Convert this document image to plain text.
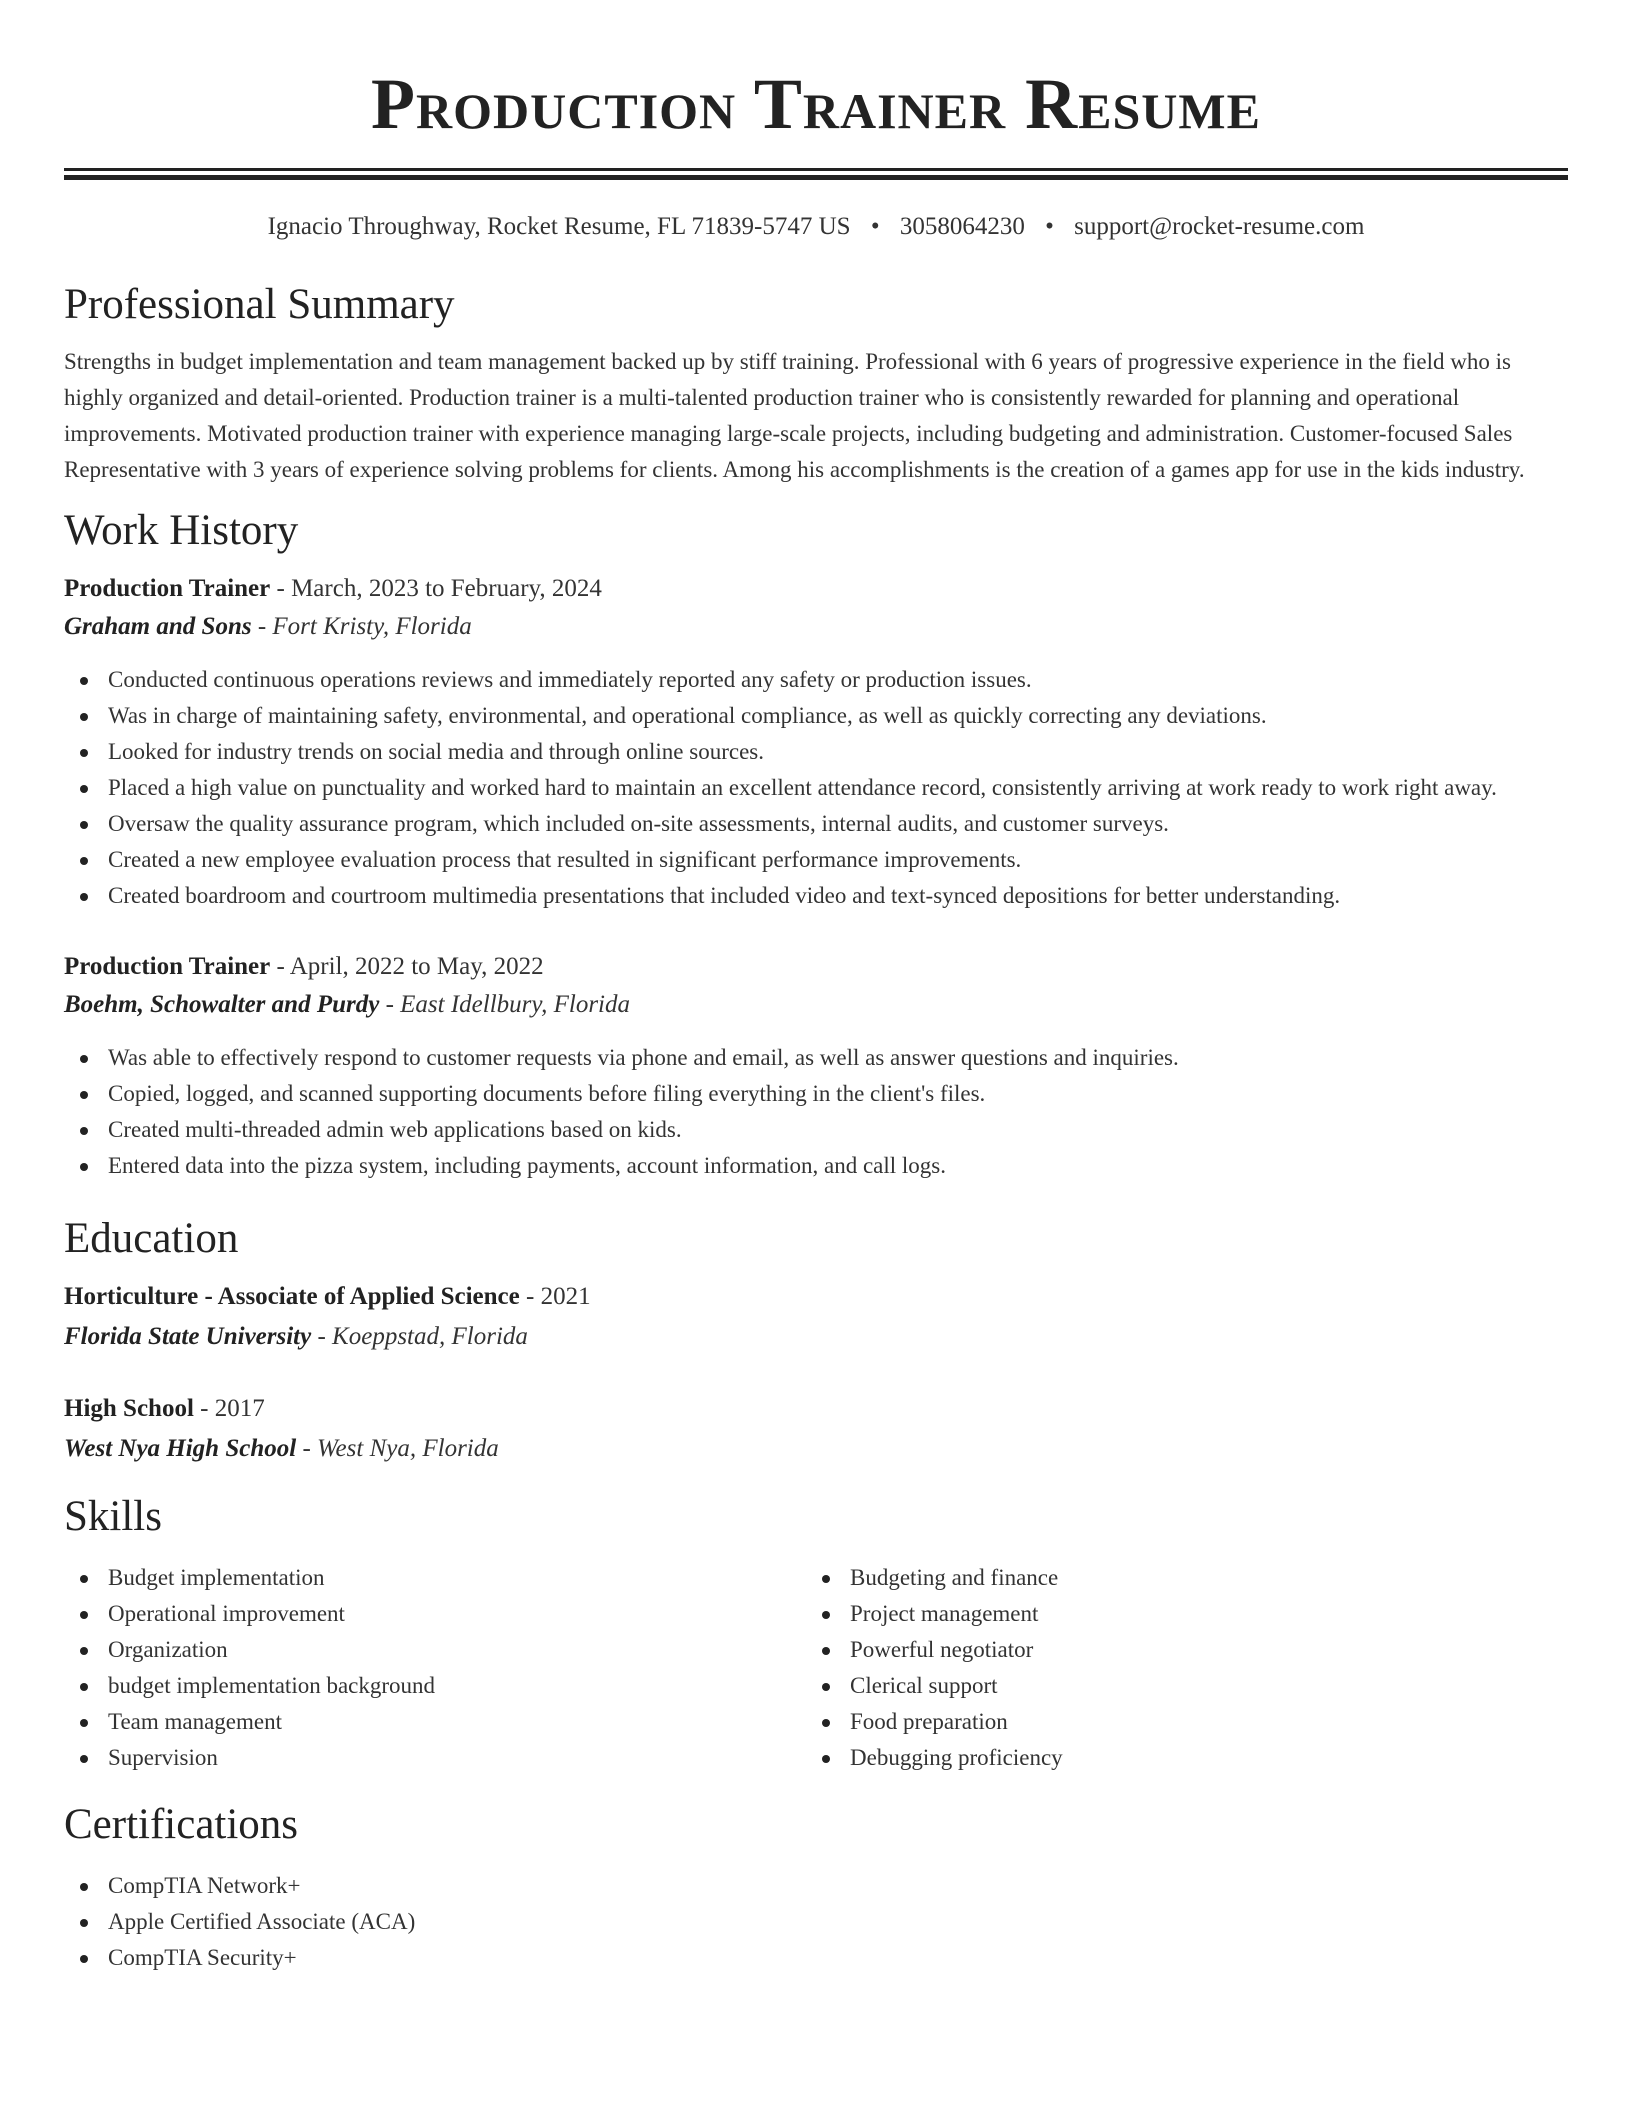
Production Trainer Resume
Ignacio Throughway, Rocket Resume, FL 71839-5747 US • 3058064230 • support@rocket-resume.com
Professional Summary

Strengths in budget implementation and team management backed up by stiff training. Professional with 6 years of progressive experience in the field who is highly organized and detail-oriented. Production trainer is a multi-talented production trainer who is consistently rewarded for planning and operational improvements. Motivated production trainer with experience managing large-scale projects, including budgeting and administration. Customer-focused Sales Representative with 3 years of experience solving problems for clients. Among his accomplishments is the creation of a games app for use in the kids industry.

Work History
Production Trainer - March, 2023 to February, 2024
Graham and Sons - Fort Kristy, Florida
Conducted continuous operations reviews and immediately reported any safety or production issues.
Was in charge of maintaining safety, environmental, and operational compliance, as well as quickly correcting any deviations.
Looked for industry trends on social media and through online sources.
Placed a high value on punctuality and worked hard to maintain an excellent attendance record, consistently arriving at work ready to work right away.
Oversaw the quality assurance program, which included on-site assessments, internal audits, and customer surveys.
Created a new employee evaluation process that resulted in significant performance improvements.
Created boardroom and courtroom multimedia presentations that included video and text-synced depositions for better understanding.
Production Trainer - April, 2022 to May, 2022
Boehm, Schowalter and Purdy - East Idellbury, Florida
Was able to effectively respond to customer requests via phone and email, as well as answer questions and inquiries.
Copied, logged, and scanned supporting documents before filing everything in the client's files.
Created multi-threaded admin web applications based on kids.
Entered data into the pizza system, including payments, account information, and call logs.
Education
Horticulture - Associate of Applied Science - 2021
Florida State University - Koeppstad, Florida
High School - 2017
West Nya High School - West Nya, Florida
Skills
Budget implementation
Operational improvement
Organization
budget implementation background
Team management
Supervision
Budgeting and finance
Project management
Powerful negotiator
Clerical support
Food preparation
Debugging proficiency
Certifications
CompTIA Network+
Apple Certified Associate (ACA)
CompTIA Security+
